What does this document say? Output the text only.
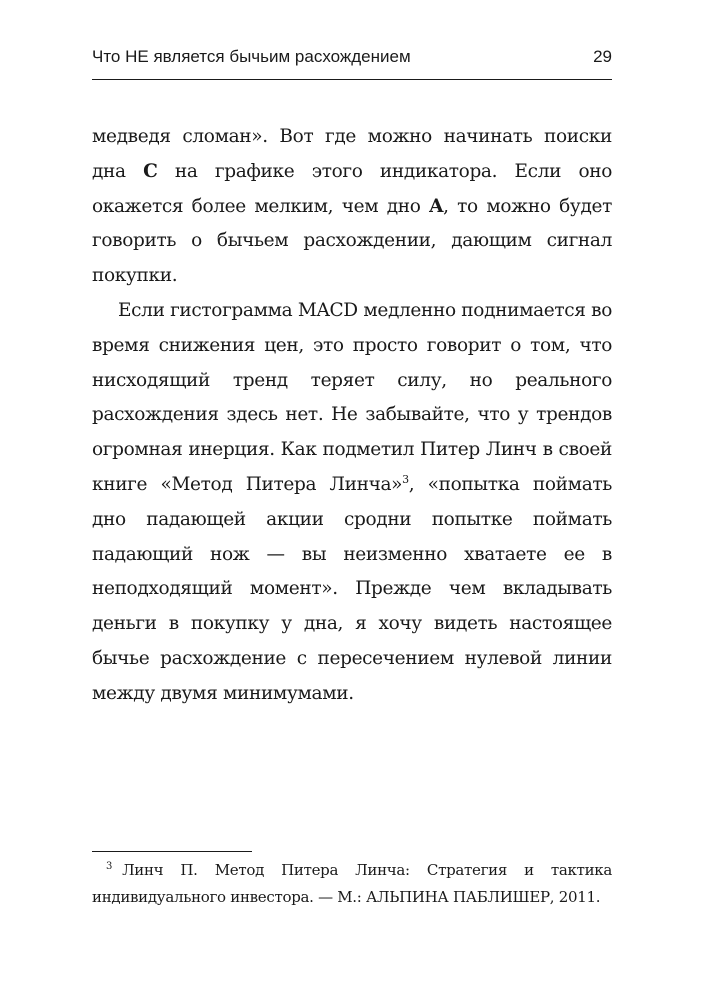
Что НЕ является бычьим расхождением	29

медведя сломан». Вот где можно начинать поиски дна C на графике этого индикатора. Если оно окажется более мелким, чем дно A, то можно будет говорить о бычьем расхождении, дающим сигнал покупки.

Если гистограмма MACD медленно поднимается во время снижения цен, это просто говорит о том, что нисходящий тренд теряет силу, но реального расхождения здесь нет. Не забывайте, что у трендов огромная инерция. Как подметил Питер Линч в своей книге «Метод Питера Линча»$^3$, «попытка поймать дно падающей акции сродни попытке поймать падающий нож — вы неизменно хватаете ее в неподходящий момент». Прежде чем вкладывать деньги в покупку у дна, я хочу видеть настоящее бычье расхождение с пересечением нулевой линии между двумя минимумами.

$^3$ Линч П. Метод Питера Линча: Стратегия и тактика индивидуального инвестора. — М.: АЛЬПИНА ПАБЛИШЕР, 2011.
